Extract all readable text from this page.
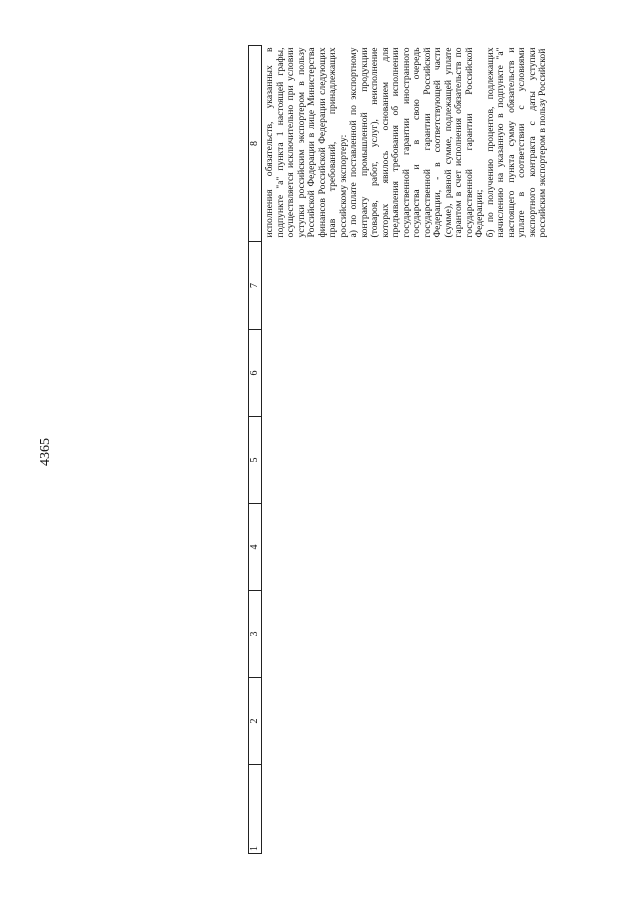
4365
1	2	3	4	5	6	7	8

							исполнения обязательств, указанных в подпункте "а" пункта 1 настоящей графы, осуществляется исключительно при условии уступки российским экспортером в пользу Российской Федерации в лице Министерства финансов Российской Федерации следующих прав требований, принадлежащих российскому экспортеру: а) по оплате поставленной по экспортному контракту промышленной продукции (товаров, работ, услуг), неисполнение которых явилось основанием для предъявления требования об исполнении государственной гарантии иностранного государства и в свою очередь государственной гарантии Российской Федерации, - в соответствующей части (сумме), равной сумме, подлежащей уплате гарантом в счет исполнения обязательств по государственной гарантии Российской Федерации; б) по получению процентов, подлежащих начислению на указанную в подпункте "а" настоящего пункта сумму обязательств и уплате в соответствии с условиями экспортного контракта с даты уступки российским экспортером в пользу Российской
